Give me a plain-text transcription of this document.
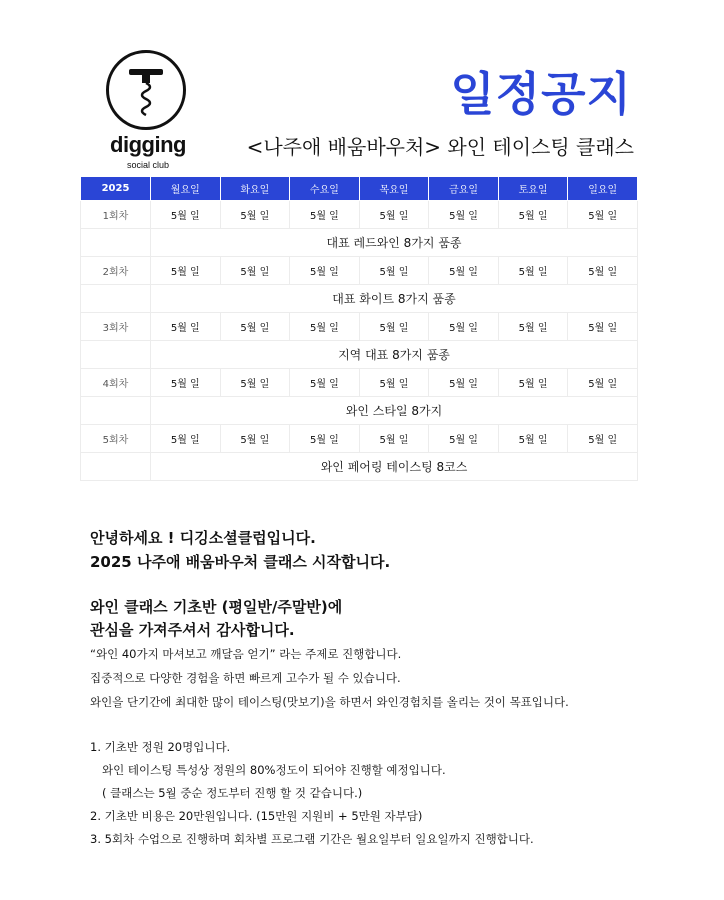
digging
social club
일정공지
<나주애 배움바우처> 와인 테이스팅 클래스
2025	월요일	화요일	수요일	목요일	금요일	토요일	일요일
1회차	5월 일	5월 일	5월 일	5월 일	5월 일	5월 일	5월 일
	대표 레드와인 8가지 품종						
2회차	5월 일	5월 일	5월 일	5월 일	5월 일	5월 일	5월 일
	대표 화이트 8가지 품종						
3회차	5월 일	5월 일	5월 일	5월 일	5월 일	5월 일	5월 일
	지역 대표 8가지 품종						
4회차	5월 일	5월 일	5월 일	5월 일	5월 일	5월 일	5월 일
	와인 스타일 8가지						
5회차	5월 일	5월 일	5월 일	5월 일	5월 일	5월 일	5월 일
	와인 페어링 테이스팅 8코스						
안녕하세요 ! 디깅소셜클럽입니다.
2025 나주애 배움바우처 클래스 시작합니다.
와인 클래스 기초반 (평일반/주말반)에
관심을 가져주셔서 감사합니다.
“와인 40가지 마셔보고 깨달음 얻기” 라는 주제로 진행합니다.
집중적으로 다양한 경험을 하면 빠르게 고수가 될 수 있습니다.
와인을 단기간에 최대한 많이 테이스팅(맛보기)을 하면서 와인경험치를 올리는 것이 목표입니다.
1. 기초반 정원 20명입니다.
와인 테이스팅 특성상 정원의 80%정도이 되어야 진행할 예정입니다.
( 클래스는 5월 중순 정도부터 진행 할 것 같습니다.)
2. 기초반 비용은 20만원입니다. (15만원 지원비 + 5만원 자부담)
3. 5회차 수업으로 진행하며 회차별 프로그램 기간은 월요일부터 일요일까지 진행합니다.
